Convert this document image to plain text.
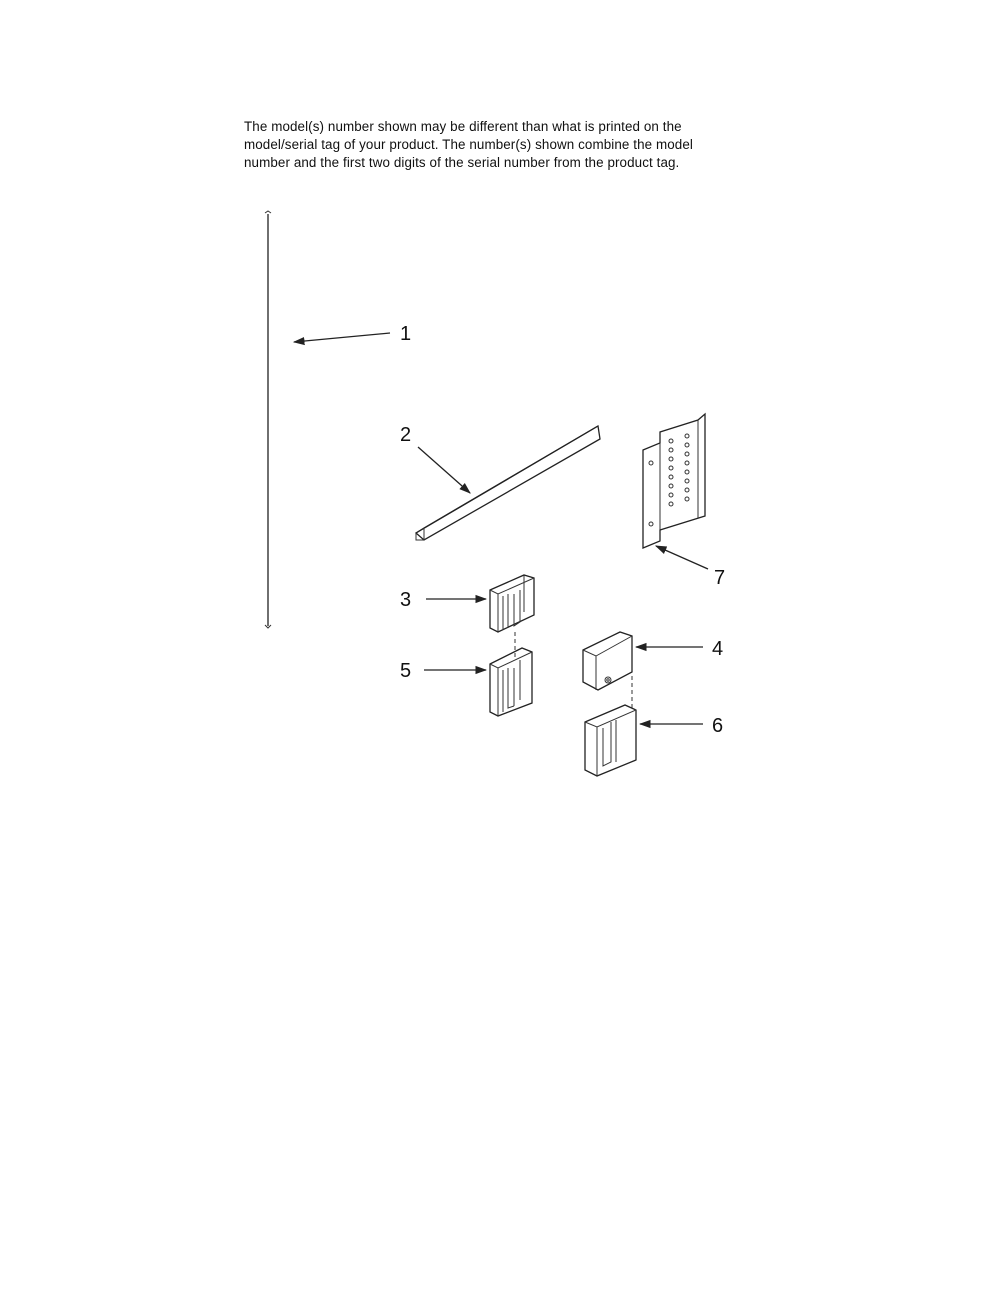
The model(s) number shown may be different than what is printed on the
model/serial tag of your product. The number(s) shown combine the model
number and the first two digits of the serial number from the product tag.

1
2
3
4
5
6
7
